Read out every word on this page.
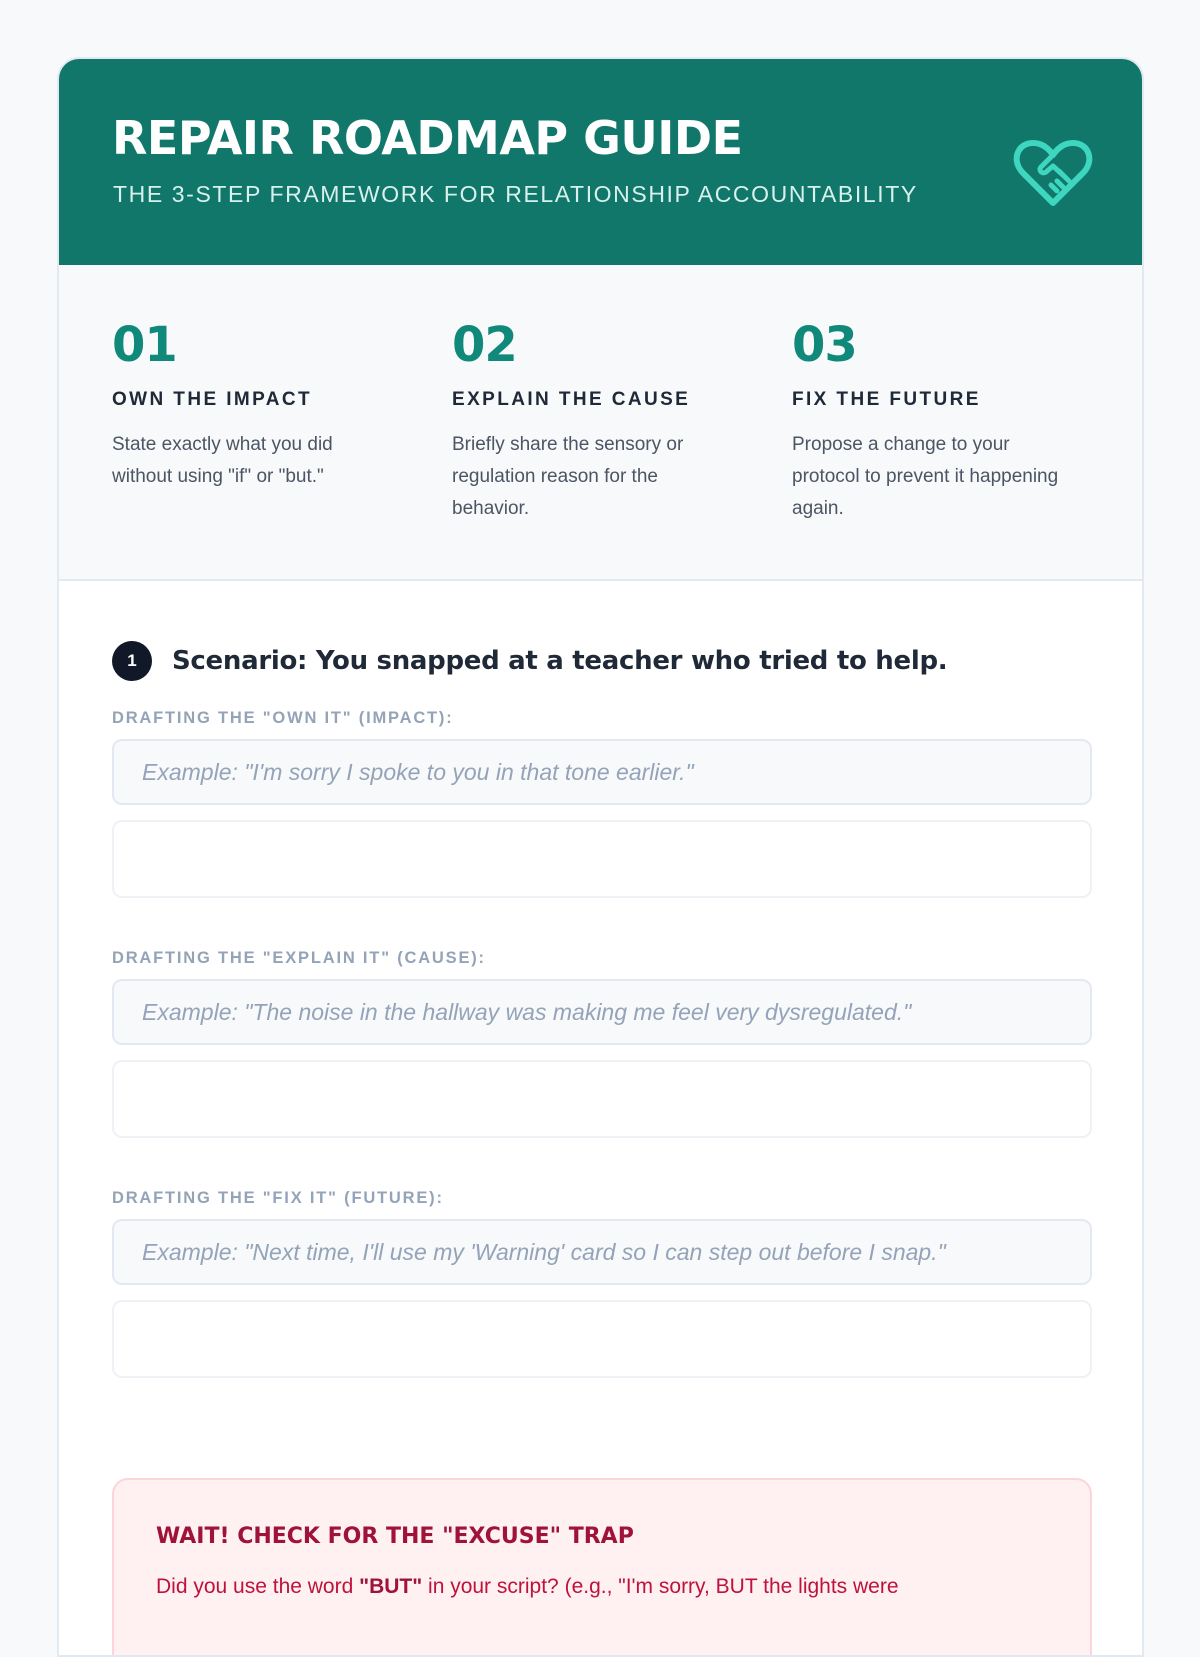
REPAIR ROADMAP GUIDE
THE 3-STEP FRAMEWORK FOR RELATIONSHIP ACCOUNTABILITY
01
OWN THE IMPACT
State exactly what you did without using "if" or "but."
02
EXPLAIN THE CAUSE
Briefly share the sensory or regulation reason for the behavior.
03
FIX THE FUTURE
Propose a change to your protocol to prevent it happening again.
1	Scenario: You snapped at a teacher who tried to help.
DRAFTING THE "OWN IT" (IMPACT):
Example: "I'm sorry I spoke to you in that tone earlier."
DRAFTING THE "EXPLAIN IT" (CAUSE):
Example: "The noise in the hallway was making me feel very dysregulated."
DRAFTING THE "FIX IT" (FUTURE):
Example: "Next time, I'll use my 'Warning' card so I can step out before I snap."
WAIT! CHECK FOR THE "EXCUSE" TRAP
Did you use the word "BUT" in your script? (e.g., "I'm sorry, BUT the lights were
